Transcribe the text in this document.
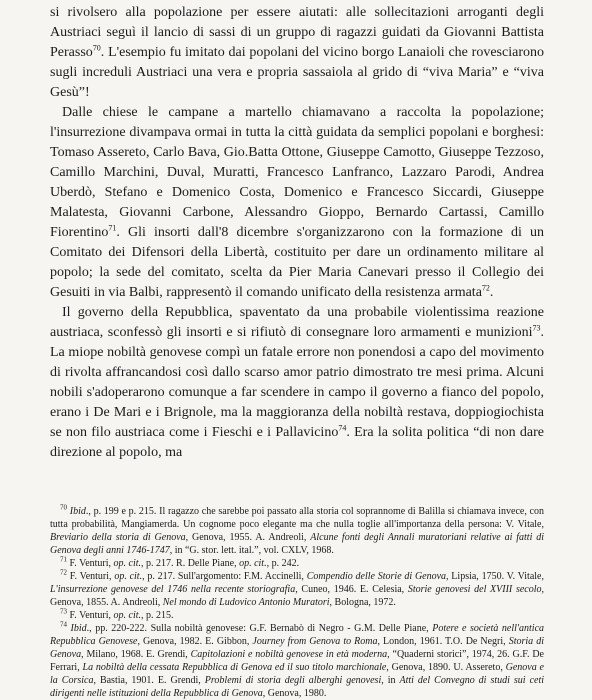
si rivolsero alla popolazione per essere aiutati: alle sollecitazioni arroganti degli Austriaci seguì il lancio di sassi di un gruppo di ragazzi guidati da Giovanni Battista Perasso$^{70}$. L'esempio fu imitato dai popolani del vicino borgo Lanaioli che rovesciarono sugli increduli Austriaci una vera e propria sassaiola al grido di “viva Maria” e “viva Gesù”!

Dalle chiese le campane a martello chiamavano a raccolta la popolazione; l'insurrezione divampava ormai in tutta la città guidata da semplici popolani e borghesi: Tomaso Assereto, Carlo Bava, Gio.Batta Ottone, Giuseppe Camotto, Giuseppe Tezzoso, Camillo Marchini, Duval, Muratti, Francesco Lanfranco, Lazzaro Parodi, Andrea Uberdò, Stefano e Domenico Costa, Domenico e Francesco Siccardi, Giuseppe Malatesta, Giovanni Carbone, Alessandro Gioppo, Bernardo Cartassi, Camillo Fiorentino$^{71}$. Gli insorti dall'8 dicembre s'organizzarono con la formazione di un Comitato dei Difensori della Libertà, costituito per dare un ordinamento militare al popolo; la sede del comitato, scelta da Pier Maria Canevari presso il Collegio dei Gesuiti in via Balbi, rappresentò il comando unificato della resistenza armata$^{72}$.

Il governo della Repubblica, spaventato da una probabile violentissima reazione austriaca, sconfessò gli insorti e si rifiutò di consegnare loro armamenti e munizioni$^{73}$. La miope nobiltà genovese compì un fatale errore non ponendosi a capo del movimento di rivolta affrancandosi così dallo scarso amor patrio dimostrato tre mesi prima. Alcuni nobili s'adoperarono comunque a far scendere in campo il governo a fianco del popolo, erano i De Mari e i Brignole, ma la maggioranza della nobiltà restava, doppiogiochista se non filo austriaca come i Fieschi e i Pallavicino$^{74}$. Era la solita politica “di non dare direzione al popolo, ma

$^{70}$ Ibid., p. 199 e p. 215. Il ragazzo che sarebbe poi passato alla storia col soprannome di Balilla si chiamava invece, con tutta probabilità, Mangiamerda. Un cognome poco elegante ma che nulla toglie all'importanza della persona: V. Vitale, Breviario della storia di Genova, Genova, 1955. A. Andreoli, Alcune fonti degli Annali muratoriani relative ai fatti di Genova degli anni 1746-1747, in “G. stor. lett. ital.”, vol. CXLV, 1968.

$^{71}$ F. Venturi, op. cit., p. 217. R. Delle Piane, op. cit., p. 242.

$^{72}$ F. Venturi, op. cit., p. 217. Sull'argomento: F.M. Accinelli, Compendio delle Storie di Genova, Lipsia, 1750. V. Vitale, L'insurrezione genovese del 1746 nella recente storiografia, Cuneo, 1946. E. Celesia, Storie genovesi del XVIII secolo, Genova, 1855. A. Andreoli, Nel mondo di Ludovico Antonio Muratori, Bologna, 1972.

$^{73}$ F. Venturi, op. cit., p. 215.

$^{74}$ Ibid., pp. 220-222. Sulla nobiltà genovese: G.F. Bernabò di Negro - G.M. Delle Piane, Potere e società nell'antica Repubblica Genovese, Genova, 1982. E. Gibbon, Journey from Genova to Roma, London, 1961. T.O. De Negri, Storia di Genova, Milano, 1968. E. Grendi, Capitolazioni e nobiltà genovese in età moderna, “Quaderni storici”, 1974, 26. G.F. De Ferrari, La nobiltà della cessata Repubblica di Genova ed il suo titolo marchionale, Genova, 1890. U. Assereto, Genova e la Corsica, Bastia, 1901. E. Grendi, Problemi di storia degli alberghi genovesi, in Atti del Convegno di studi sui ceti dirigenti nelle istituzioni della Repubblica di Genova, Genova, 1980.
